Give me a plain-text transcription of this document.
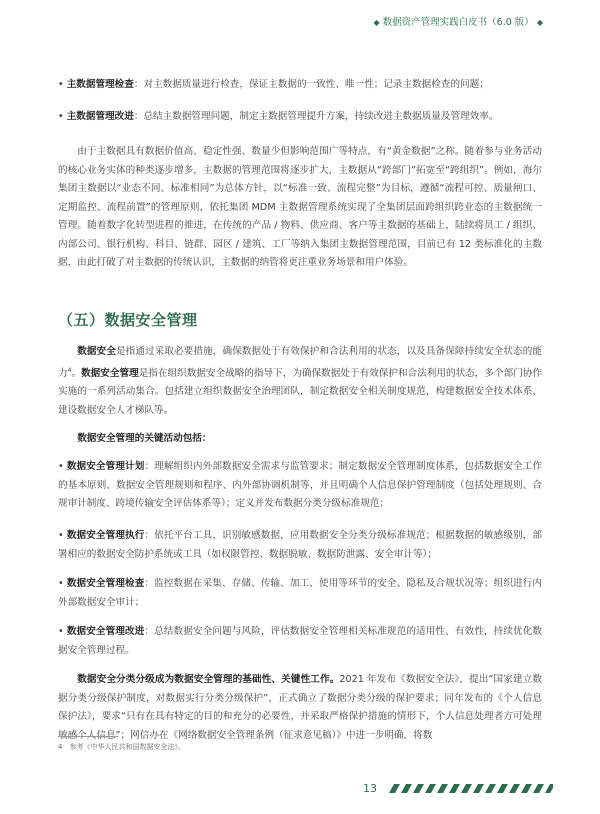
◆ 数据资产管理实践白皮书（6.0 版） ◆
• 主数据管理检查：对主数据质量进行检查，保证主数据的一致性、唯一性；记录主数据检查的问题；
• 主数据管理改进：总结主数据管理问题，制定主数据管理提升方案，持续改进主数据质量及管理效率。
由于主数据具有数据价值高、稳定性强、数量少但影响范围广等特点，有“黄金数据”之称。随着参与业务活动的核心业务实体的种类逐步增多，主数据的管理范围将逐步扩大，主数据从“跨部门”拓宽至“跨组织”。例如，海尔集团主数据以“业态不同、标准相同”为总体方针，以“标准一致、流程完整”为目标，遵循“流程可控、质量闸口、定期监控、流程前置”的管理原则，依托集团 MDM 主数据管理系统实现了全集团层面跨组织跨业态的主数据统一管理。随着数字化转型进程的推进，在传统的产品 / 物料、供应商、客户等主数据的基础上，陆续将员工 / 组织、内部公司、银行机构、科目、链群、园区 / 建筑、工厂等纳入集团主数据管理范围，目前已有 12 类标准化的主数据，由此打破了对主数据的传统认识，主数据的纳管将更注重业务场景和用户体验。
（五）数据安全管理
数据安全是指通过采取必要措施，确保数据处于有效保护和合法利用的状态，以及具备保障持续安全状态的能力$^4$。数据安全管理是指在组织数据安全战略的指导下，为确保数据处于有效保护和合法利用的状态，多个部门协作实施的一系列活动集合。包括建立组织数据安全治理团队，制定数据安全相关制度规范，构建数据安全技术体系，建设数据安全人才梯队等。
数据安全管理的关键活动包括：
• 数据安全管理计划：理解组织内外部数据安全需求与监管要求；制定数据安全管理制度体系，包括数据安全工作的基本原则、数据安全管理规则和程序、内外部协调机制等，并且明确个人信息保护管理制度（包括处理规则、合规审计制度、跨境传输安全评估体系等）；定义并发布数据分类分级标准规范；
• 数据安全管理执行：依托平台工具，识别敏感数据，应用数据安全分类分级标准规范；根据数据的敏感级别，部署相应的数据安全防护系统或工具（如权限管控、数据脱敏、数据防泄露、安全审计等）；
• 数据安全管理检查：监控数据在采集、存储、传输、加工、使用等环节的安全、隐私及合规状况等；组织进行内外部数据安全审计；
• 数据安全管理改进：总结数据安全问题与风险，评估数据安全管理相关标准规范的适用性、有效性，持续优化数据安全管理过程。
数据安全分类分级成为数据安全管理的基础性、关键性工作。2021 年发布《数据安全法》，提出“国家建立数据分类分级保护制度，对数据实行分类分级保护”，正式确立了数据分类分级的保护要求；同年发布的《个人信息保护法》，要求“只有在具有特定的目的和充分的必要性，并采取严格保护措施的情形下，个人信息处理者方可处理敏感个人信息”；网信办在《网络数据安全管理条例（征求意见稿）》中进一步明确，将数
4　参考《中华人民共和国数据安全法》。
13
